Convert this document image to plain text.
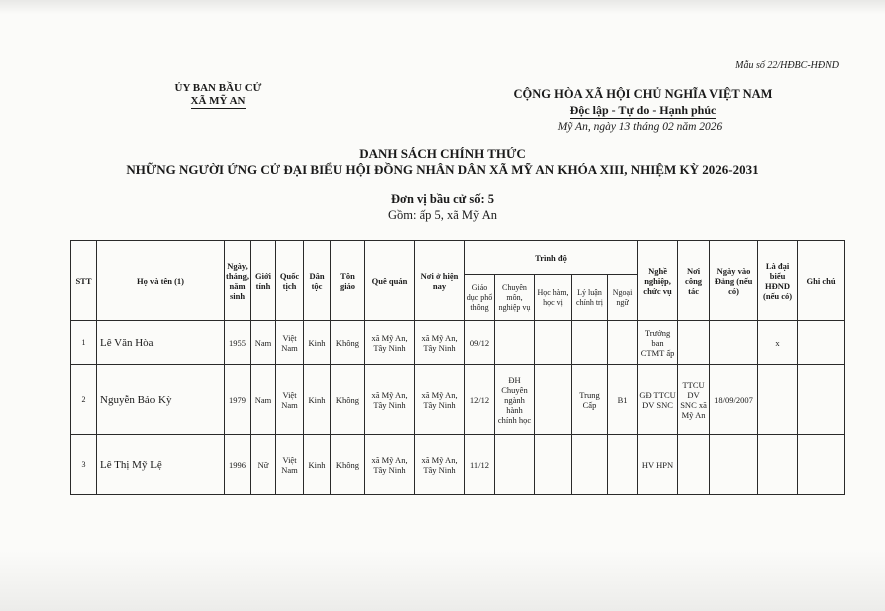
Mẫu số 22/HĐBC-HĐND
ỦY BAN BẦU CỬ
XÃ MỸ AN	CỘNG HÒA XÃ HỘI CHỦ NGHĨA VIỆT NAM
Độc lập - Tự do - Hạnh phúc
Mỹ An, ngày 13 tháng 02 năm 2026
DANH SÁCH CHÍNH THỨC
NHỮNG NGƯỜI ỨNG CỬ ĐẠI BIỂU HỘI ĐỒNG NHÂN DÂN XÃ MỸ AN KHÓA XIII, NHIỆM KỲ 2026-2031
Đơn vị bầu cử số: 5
Gồm: ấp 5, xã Mỹ An
STT	Họ và tên (1)	Ngày, tháng, năm sinh	Giới tính	Quốc tịch	Dân tộc	Tôn giáo	Quê quán	Nơi ở hiện nay	Trình độ					Nghề nghiệp, chức vụ	Nơi công tác	Ngày vào Đảng (nếu có)	Là đại biểu HĐND (nếu có)	Ghi chú
									Giáo dục phổ thông	Chuyên môn, nghiệp vụ	Học hàm, học vị	Lý luận chính trị	Ngoại ngữ					
1	Lê Văn Hòa	1955	Nam	Việt Nam	Kinh	Không	xã Mỹ An, Tây Ninh	xã Mỹ An, Tây Ninh	09/12					Trưởng ban CTMT ấp			x	
2	Nguyễn Bảo Kỳ	1979	Nam	Việt Nam	Kinh	Không	xã Mỹ An, Tây Ninh	xã Mỹ An, Tây Ninh	12/12	ĐH Chuyên ngành hành chính học		Trung Cấp	B1	GĐ TTCU DV SNC	TTCU DV SNC xã Mỹ An	18/09/2007		
3	Lê Thị Mỹ Lệ	1996	Nữ	Việt Nam	Kinh	Không	xã Mỹ An, Tây Ninh	xã Mỹ An, Tây Ninh	11/12					HV HPN				
